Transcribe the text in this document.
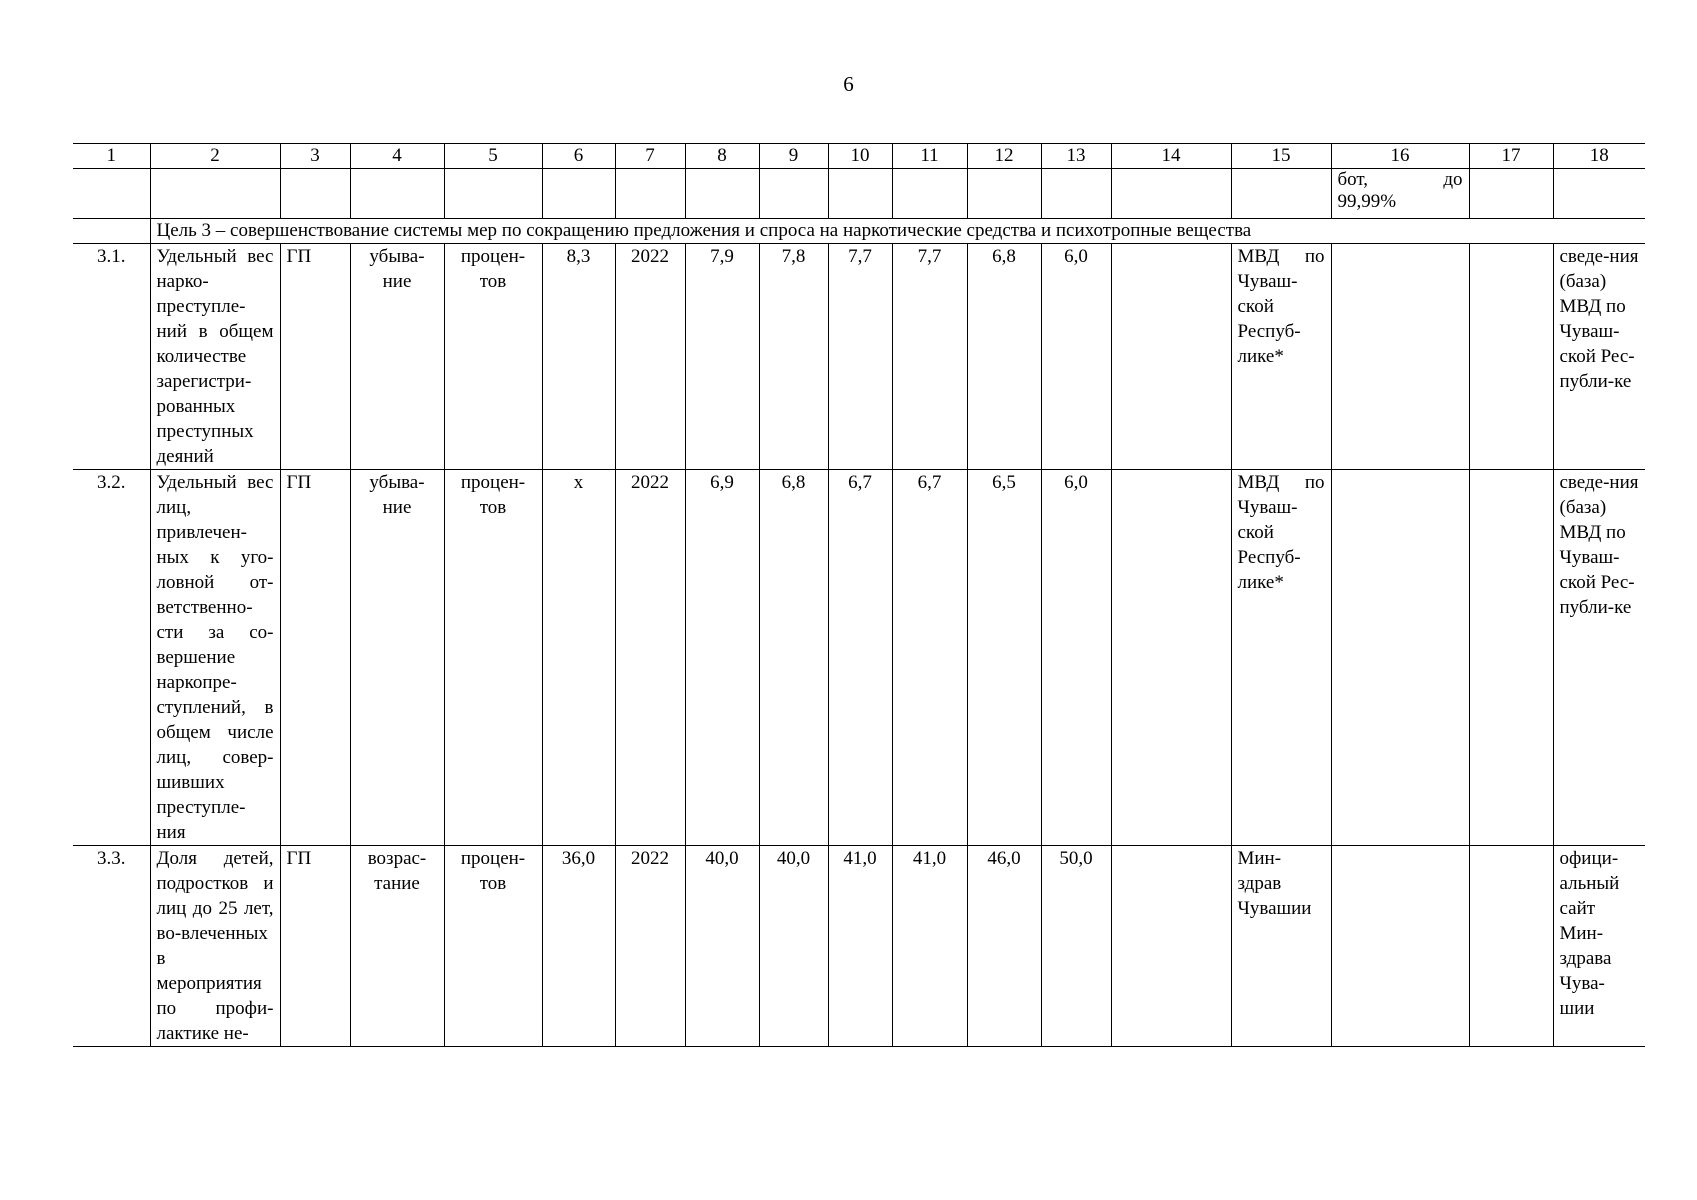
6
1	2	3	4	5	6	7	8	9	10	11	12	13	14	15	16	17	18

															бот, до
99,99%		

	Цель 3 – совершенствование системы мер по сокращению предложения и спроса на наркотические средства и психотропные вещества																
3.1.	Удельный вес нарко-преступле-ний в общем количестве зарегистри-рованных преступных деяний	ГП	убыва-ние	процен-тов	8,3	2022	7,9	7,8	7,7	7,7	6,8	6,0		МВД по Чуваш-ской Респуб-лике*			сведе-ния (база) МВД по Чуваш-ской Рес-публи-ке
3.2.	Удельный вес лиц, привлечен-ных к уго-ловной от-ветственно-сти за со-вершение наркопре-ступлений, в общем числе лиц, совер-шивших преступле-ния	ГП	убыва-ние	процен-тов	х	2022	6,9	6,8	6,7	6,7	6,5	6,0		МВД по Чуваш-ской Респуб-лике*			сведе-ния (база) МВД по Чуваш-ской Рес-публи-ке
3.3.	Доля детей, подростков и лиц до 25 лет, во-влеченных в мероприятия по профи-лактике не-	ГП	возрас-тание	процен-тов	36,0	2022	40,0	40,0	41,0	41,0	46,0	50,0		Мин-здрав Чувашии			офици-альный сайт Мин-здрава Чува-шии
